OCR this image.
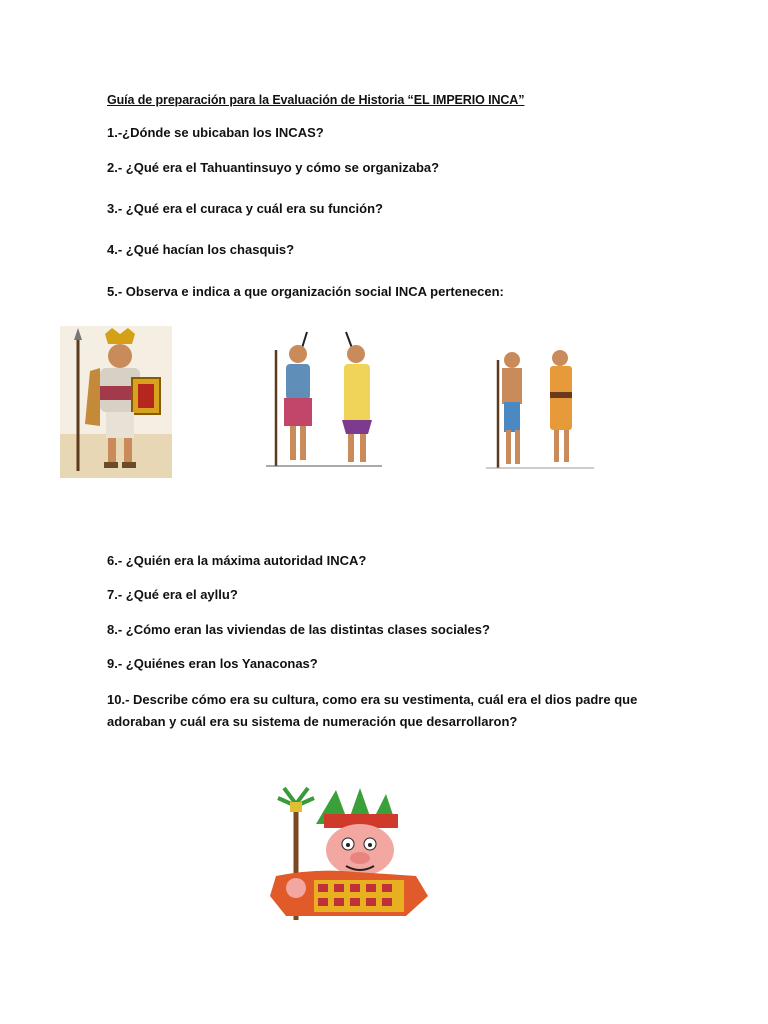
Guía de preparación para la Evaluación de Historia “EL IMPERIO INCA”
1.-¿Dónde se ubicaban los INCAS?
2.- ¿Qué era el Tahuantinsuyo y cómo se organizaba?
3.- ¿Qué era el curaca y cuál era su función?
4.- ¿Qué hacían los chasquis?
5.- Observa e indica a que organización social INCA pertenecen:
6.- ¿Quién era la máxima autoridad INCA?
7.- ¿Qué era el ayllu?
8.- ¿Cómo eran las viviendas de las distintas clases sociales?
9.- ¿Quiénes eran los Yanaconas?
10.- Describe cómo era su cultura, como era su vestimenta, cuál era el dios padre que adoraban y cuál era su sistema de numeración que desarrollaron?
